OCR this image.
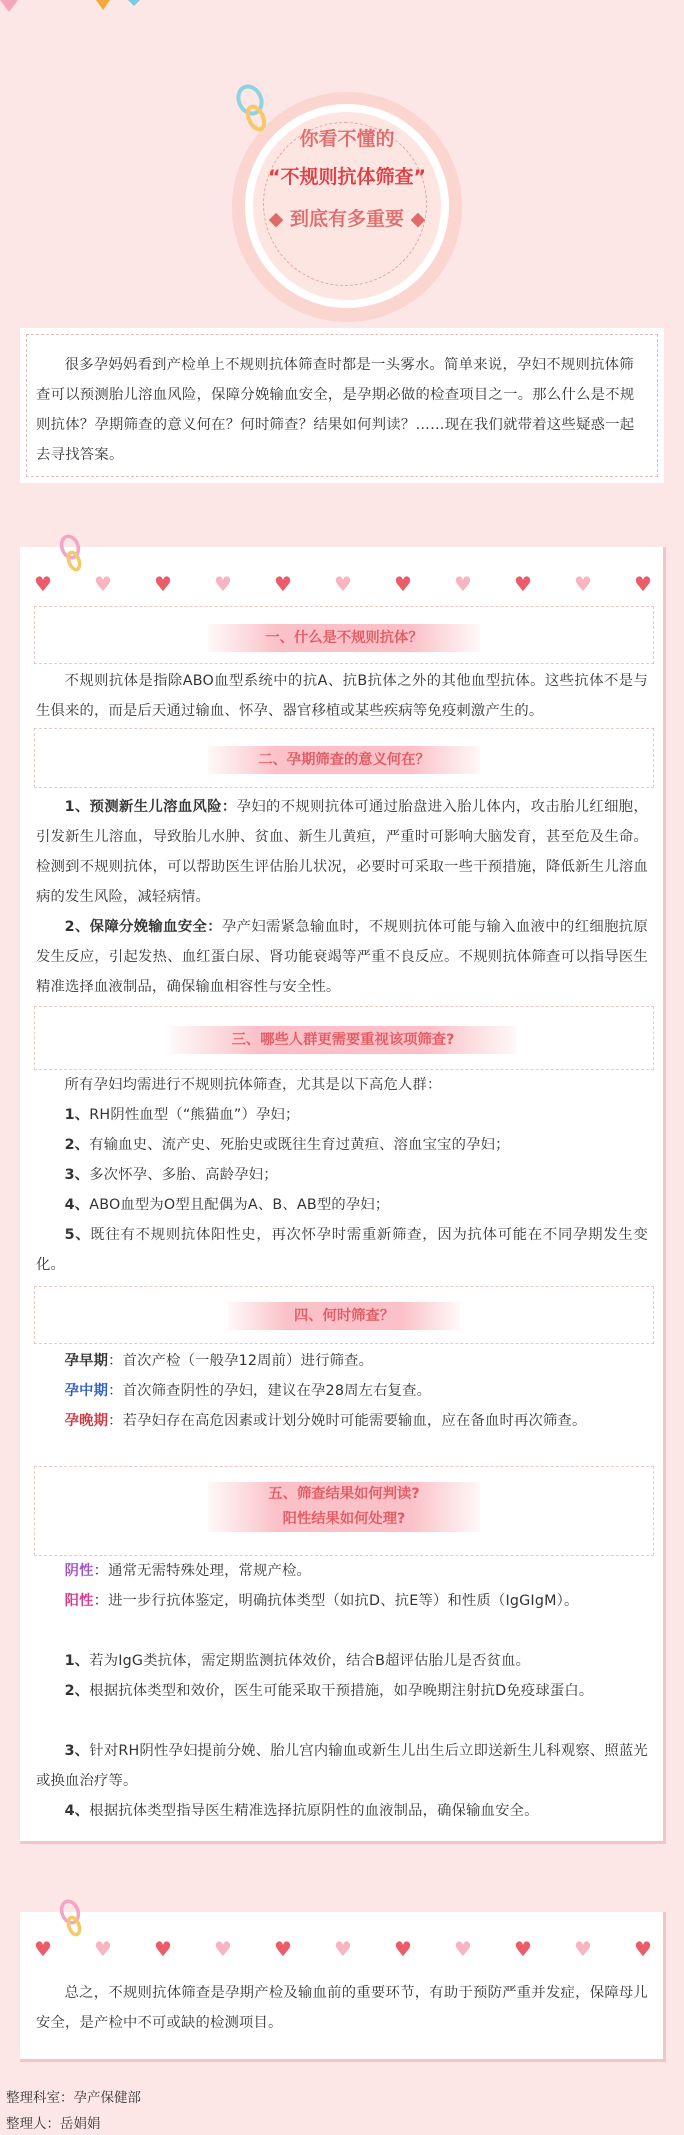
你看不懂的
“不规则抗体筛查”
◆ 到底有多重要 ◆
很多孕妈妈看到产检单上不规则抗体筛查时都是一头雾水。简单来说，孕妇不规则抗体筛查可以预测胎儿溶血风险，保障分娩输血安全，是孕期必做的检查项目之一。那么什么是不规则抗体？孕期筛查的意义何在？何时筛查？结果如何判读？……现在我们就带着这些疑惑一起去寻找答案。
♥ ♥ ♥ ♥ ♥ ♥ ♥ ♥ ♥ ♥ ♥
一、什么是不规则抗体？
不规则抗体是指除ABO血型系统中的抗A、抗B抗体之外的其他血型抗体。这些抗体不是与生俱来的，而是后天通过输血、怀孕、器官移植或某些疾病等免疫刺激产生的。
二、孕期筛查的意义何在？
1、预测新生儿溶血风险：孕妇的不规则抗体可通过胎盘进入胎儿体内，攻击胎儿红细胞，引发新生儿溶血，导致胎儿水肿、贫血、新生儿黄疸，严重时可影响大脑发育，甚至危及生命。检测到不规则抗体，可以帮助医生评估胎儿状况，必要时可采取一些干预措施，降低新生儿溶血病的发生风险，减轻病情。
2、保障分娩输血安全：孕产妇需紧急输血时，不规则抗体可能与输入血液中的红细胞抗原发生反应，引起发热、血红蛋白尿、肾功能衰竭等严重不良反应。不规则抗体筛查可以指导医生精准选择血液制品，确保输血相容性与安全性。
三、哪些人群更需要重视该项筛查?
所有孕妇均需进行不规则抗体筛查，尤其是以下高危人群：
1、RH阴性血型（“熊猫血”）孕妇；
2、有输血史、流产史、死胎史或既往生育过黄疸、溶血宝宝的孕妇；
3、多次怀孕、多胎、高龄孕妇；
4、ABO血型为O型且配偶为A、B、AB型的孕妇；
5、既往有不规则抗体阳性史，再次怀孕时需重新筛查，因为抗体可能在不同孕期发生变化。
四、何时筛查？
孕早期：首次产检（一般孕12周前）进行筛查。
孕中期：首次筛查阴性的孕妇，建议在孕28周左右复查。
孕晚期：若孕妇存在高危因素或计划分娩时可能需要输血，应在备血时再次筛查。
五、筛查结果如何判读?
阳性结果如何处理?
阴性：通常无需特殊处理，常规产检。
阳性：进一步行抗体鉴定，明确抗体类型（如抗D、抗E等）和性质（IgGIgM）。
1、若为IgG类抗体，需定期监测抗体效价，结合B超评估胎儿是否贫血。
2、根据抗体类型和效价，医生可能采取干预措施，如孕晚期注射抗D免疫球蛋白。
3、针对RH阴性孕妇提前分娩、胎儿宫内输血或新生儿出生后立即送新生儿科观察、照蓝光或换血治疗等。
4、根据抗体类型指导医生精准选择抗原阴性的血液制品，确保输血安全。
♥ ♥ ♥ ♥ ♥ ♥ ♥ ♥ ♥ ♥ ♥
总之，不规则抗体筛查是孕期产检及输血前的重要环节，有助于预防严重并发症，保障母儿安全，是产检中不可或缺的检测项目。
整理科室：孕产保健部
整理人：岳娟娟
